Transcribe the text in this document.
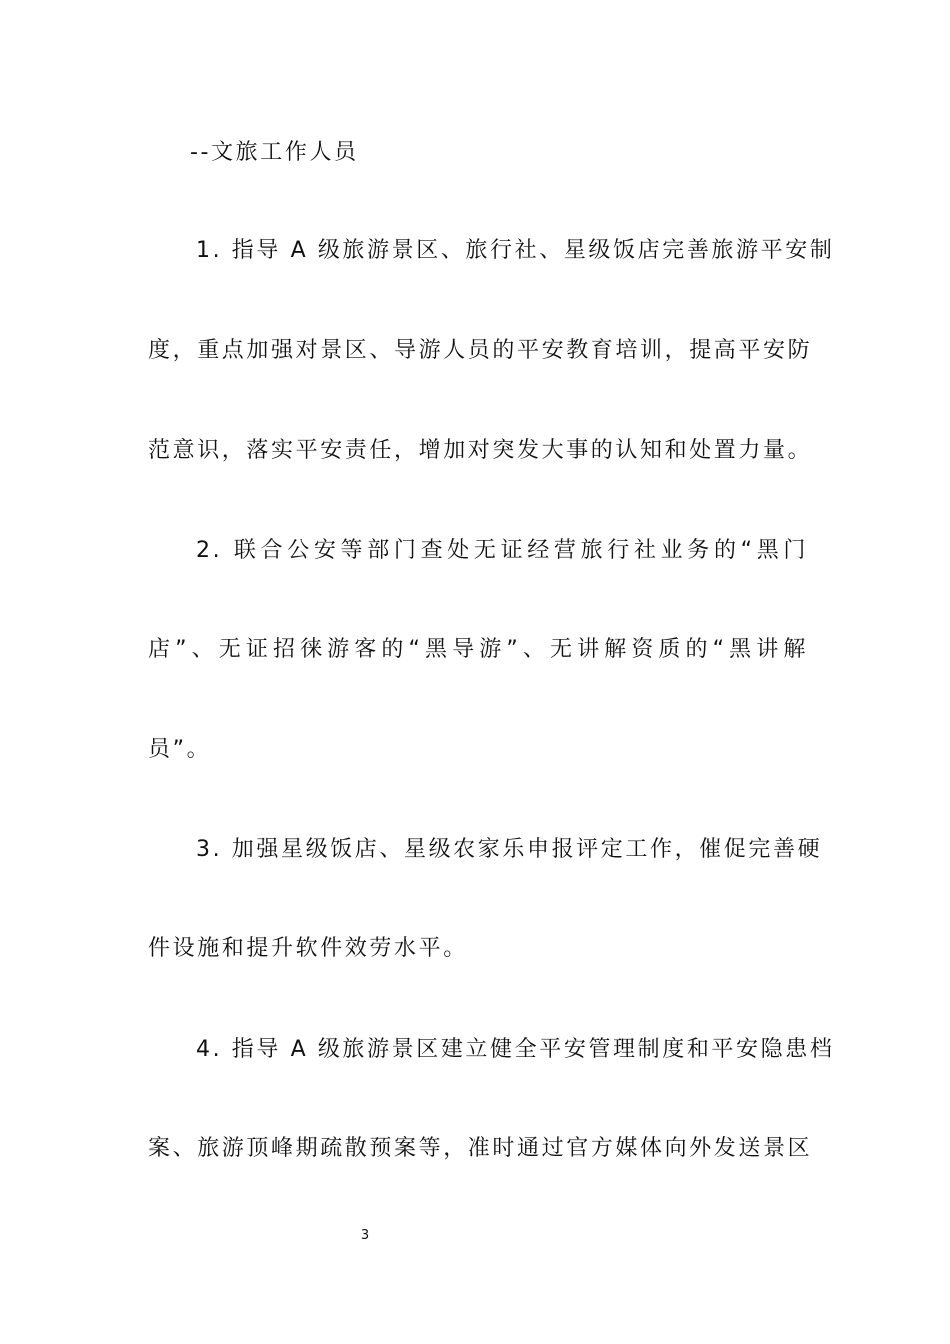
--文旅工作人员
1. 指导 A 级旅游景区、旅行社、星级饭店完善旅游平安制
度，重点加强对景区、导游人员的平安教育培训，提高平安防
范意识，落实平安责任，增加对突发大事的认知和处置力量。
2. 联合公安等部门查处无证经营旅行社业务的“黑门
店”、无证招徕游客的“黑导游”、无讲解资质的“黑讲解
员”。
3. 加强星级饭店、星级农家乐申报评定工作，催促完善硬
件设施和提升软件效劳水平。
4. 指导 A 级旅游景区建立健全平安管理制度和平安隐患档
案、旅游顶峰期疏散预案等，准时通过官方媒体向外发送景区
3
